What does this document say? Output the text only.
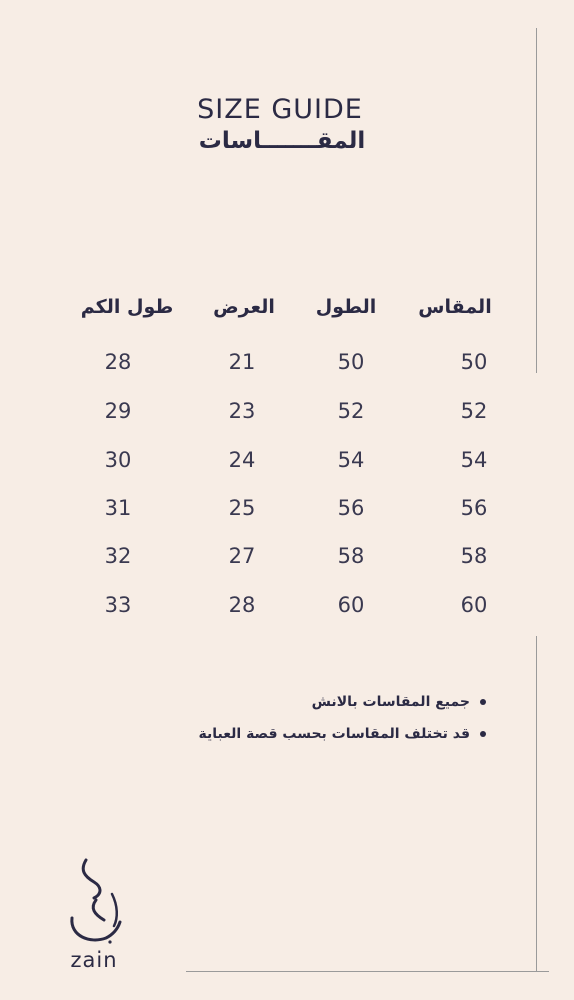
SIZE GUIDE
المقـــــــاسات
المقاس
الطول
العرض
طول الكم
50
50
21
28
52
52
23
29
54
54
24
30
56
56
25
31
58
58
27
32
60
60
28
33
جميع المقاسات بالانش
قد تختلف المقاسات بحسب قصة العباية
zain
